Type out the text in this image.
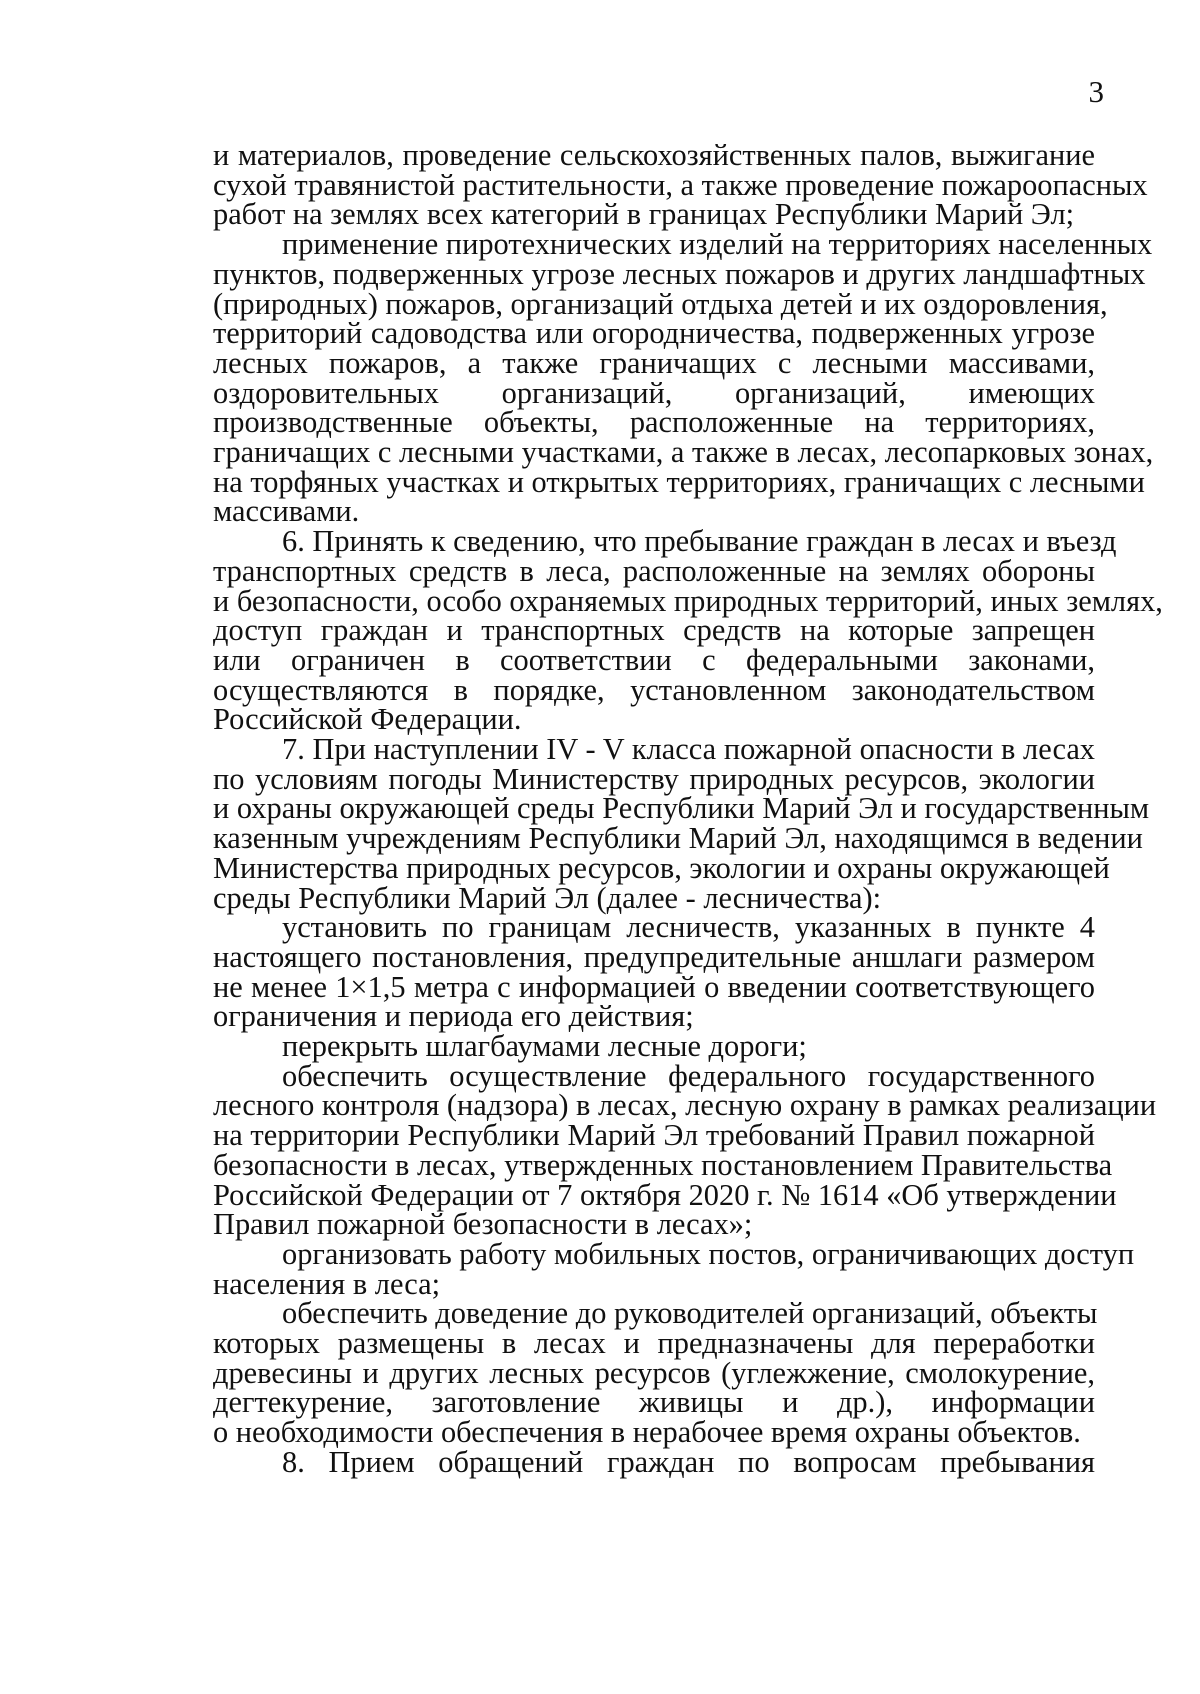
3
и материалов, проведение сельскохозяйственных палов, выжигание
сухой травянистой растительности, а также проведение пожароопасных
работ на землях всех категорий в границах Республики Марий Эл;
применение пиротехнических изделий на территориях населенных
пунктов, подверженных угрозе лесных пожаров и других ландшафтных
(природных) пожаров, организаций отдыха детей и их оздоровления,
территорий садоводства или огородничества, подверженных угрозе
лесных пожаров, а также граничащих с лесными массивами,
оздоровительных организаций, организаций, имеющих
производственные объекты, расположенные на территориях,
граничащих с лесными участками, а также в лесах, лесопарковых зонах,
на торфяных участках и открытых территориях, граничащих с лесными
массивами.
6. Принять к сведению, что пребывание граждан в лесах и въезд
транспортных средств в леса, расположенные на землях обороны
и безопасности, особо охраняемых природных территорий, иных землях,
доступ граждан и транспортных средств на которые запрещен
или ограничен в соответствии с федеральными законами,
осуществляются в порядке, установленном законодательством
Российской Федерации.
7. При наступлении IV - V класса пожарной опасности в лесах
по условиям погоды Министерству природных ресурсов, экологии
и охраны окружающей среды Республики Марий Эл и государственным
казенным учреждениям Республики Марий Эл, находящимся в ведении
Министерства природных ресурсов, экологии и охраны окружающей
среды Республики Марий Эл (далее - лесничества):
установить по границам лесничеств, указанных в пункте 4
настоящего постановления, предупредительные аншлаги размером
не менее 1×1,5 метра с информацией о введении соответствующего
ограничения и периода его действия;
перекрыть шлагбаумами лесные дороги;
обеспечить осуществление федерального государственного
лесного контроля (надзора) в лесах, лесную охрану в рамках реализации
на территории Республики Марий Эл требований Правил пожарной
безопасности в лесах, утвержденных постановлением Правительства
Российской Федерации от 7 октября 2020 г. № 1614 «Об утверждении
Правил пожарной безопасности в лесах»;
организовать работу мобильных постов, ограничивающих доступ
населения в леса;
обеспечить доведение до руководителей организаций, объекты
которых размещены в лесах и предназначены для переработки
древесины и других лесных ресурсов (углежжение, смолокурение,
дегтекурение, заготовление живицы и др.), информации
о необходимости обеспечения в нерабочее время охраны объектов.
8. Прием обращений граждан по вопросам пребывания
